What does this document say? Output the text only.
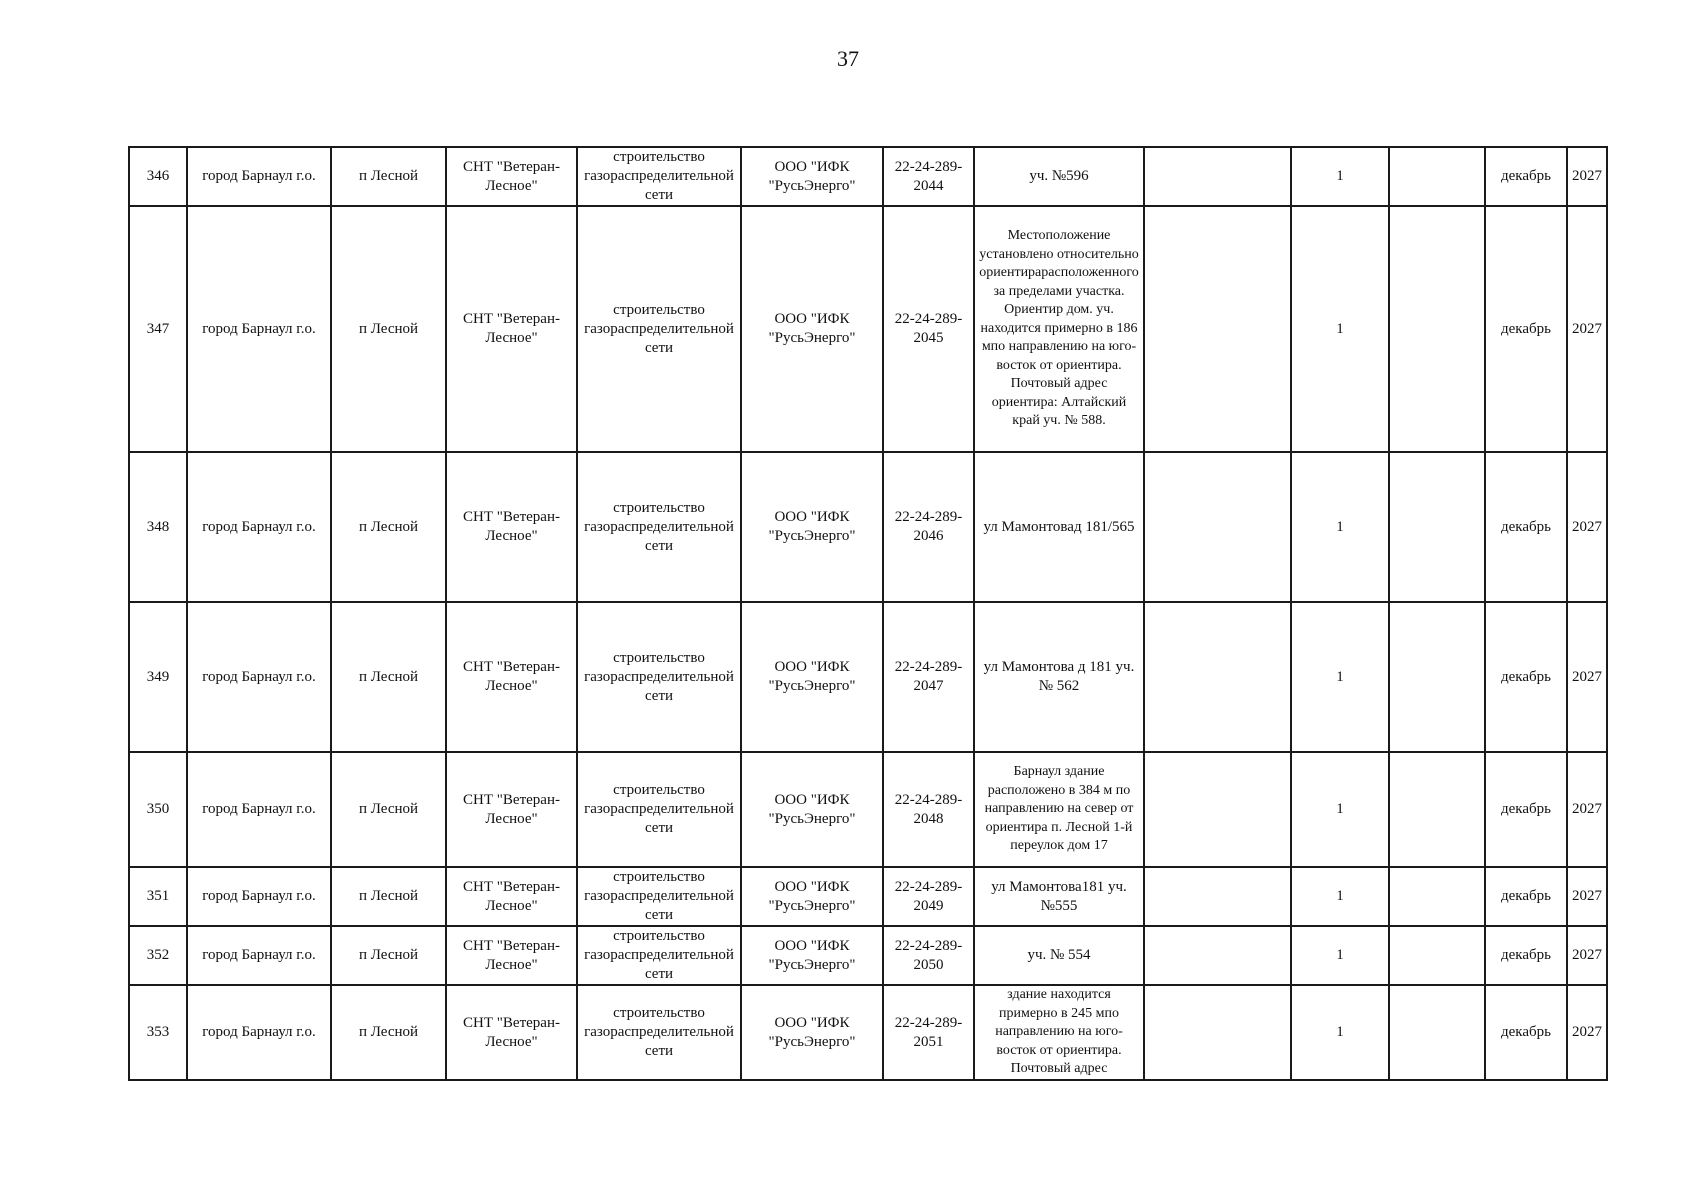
37
346	город Барнаул г.о.	п Лесной	СНТ "Ветеран-Лесное"	строительство газораспределительной сети	ООО "ИФК "РусьЭнерго"	22-24-289-2044	уч. №596		1		декабрь	2027
347	город Барнаул г.о.	п Лесной	СНТ "Ветеран-Лесное"	строительство газораспределительной сети	ООО "ИФК "РусьЭнерго"	22-24-289-2045	Местоположение установлено относительно ориентирарасположенного за пределами участка. Ориентир дом. уч. находится примерно в 186 мпо направлению на юго-восток от ориентира. Почтовый адрес ориентира: Алтайский край уч. № 588.		1		декабрь	2027
348	город Барнаул г.о.	п Лесной	СНТ "Ветеран-Лесное"	строительство газораспределительной сети	ООО "ИФК "РусьЭнерго"	22-24-289-2046	ул Мамонтовад 181/565		1		декабрь	2027
349	город Барнаул г.о.	п Лесной	СНТ "Ветеран-Лесное"	строительство газораспределительной сети	ООО "ИФК "РусьЭнерго"	22-24-289-2047	ул Мамонтова д 181 уч. № 562		1		декабрь	2027
350	город Барнаул г.о.	п Лесной	СНТ "Ветеран-Лесное"	строительство газораспределительной сети	ООО "ИФК "РусьЭнерго"	22-24-289-2048	Барнаул здание расположено в 384 м по направлению на север от ориентира п. Лесной 1-й переулок дом 17		1		декабрь	2027
351	город Барнаул г.о.	п Лесной	СНТ "Ветеран-Лесное"	строительство газораспределительной сети	ООО "ИФК "РусьЭнерго"	22-24-289-2049	ул Мамонтова181 уч. №555		1		декабрь	2027
352	город Барнаул г.о.	п Лесной	СНТ "Ветеран-Лесное"	строительство газораспределительной сети	ООО "ИФК "РусьЭнерго"	22-24-289-2050	уч. № 554		1		декабрь	2027
353	город Барнаул г.о.	п Лесной	СНТ "Ветеран-Лесное"	строительство газораспределительной сети	ООО "ИФК "РусьЭнерго"	22-24-289-2051	здание находится примерно в 245 мпо направлению на юго-восток от ориентира. Почтовый адрес		1		декабрь	2027
